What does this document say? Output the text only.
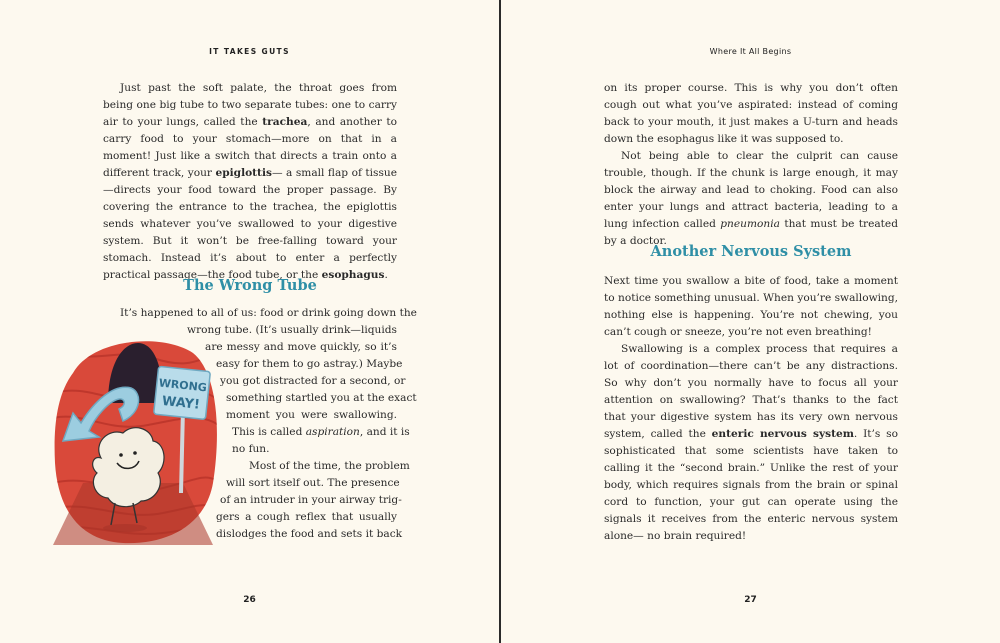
IT TAKES GUTS

Just past the soft palate, the throat goes from being one big tube to two separate tubes: one to carry air to your lungs, called the trachea, and another to carry food to your stomach—more on that in a moment! Just like a switch that directs a train onto a different track, your epiglottis— a small flap of tissue—directs your food toward the proper passage. By covering the entrance to the trachea, the epiglottis sends whatever you’ve swallowed to your digestive system. But it won’t be free-falling toward your stomach. Instead it’s about to enter a perfectly practical passage—the food tube, or the esophagus.

The Wrong Tube
It’s happened to all of us: food or drink going down the
wrong tube. (It’s usually drink—liquids
are messy and move quickly, so it’s
easy for them to go astray.) Maybe
you got distracted for a second, or
something startled you at the exact
moment you were swallowing.
This is called aspiration, and it is
no fun.
Most of the time, the problem
will sort itself out. The presence
of an intruder in your airway trig-
gers a cough reflex that usually
dislodges the food and sets it back
WRONG
WAY!
26
Where It All Begins

on its proper course. This is why you don’t often cough out what you’ve aspirated: instead of coming back to your mouth, it just makes a U-turn and heads down the esophagus like it was supposed to.

Not being able to clear the culprit can cause trouble, though. If the chunk is large enough, it may block the airway and lead to choking. Food can also enter your lungs and attract bacteria, leading to a lung infection called pneumonia that must be treated by a doctor.

Another Nervous System

Next time you swallow a bite of food, take a moment to notice something unusual. When you’re swallowing, nothing else is happening. You’re not chewing, you can’t cough or sneeze, you’re not even breathing!

Swallowing is a complex process that requires a lot of coordination—there can’t be any distractions. So why don’t you normally have to focus all your attention on swallowing? That’s thanks to the fact that your digestive system has its very own nervous system, called the enteric nervous system. It’s so sophisticated that some scientists have taken to calling it the “second brain.” Unlike the rest of your body, which requires signals from the brain or spinal cord to function, your gut can operate using the signals it receives from the enteric nervous system alone— no brain required!

27
